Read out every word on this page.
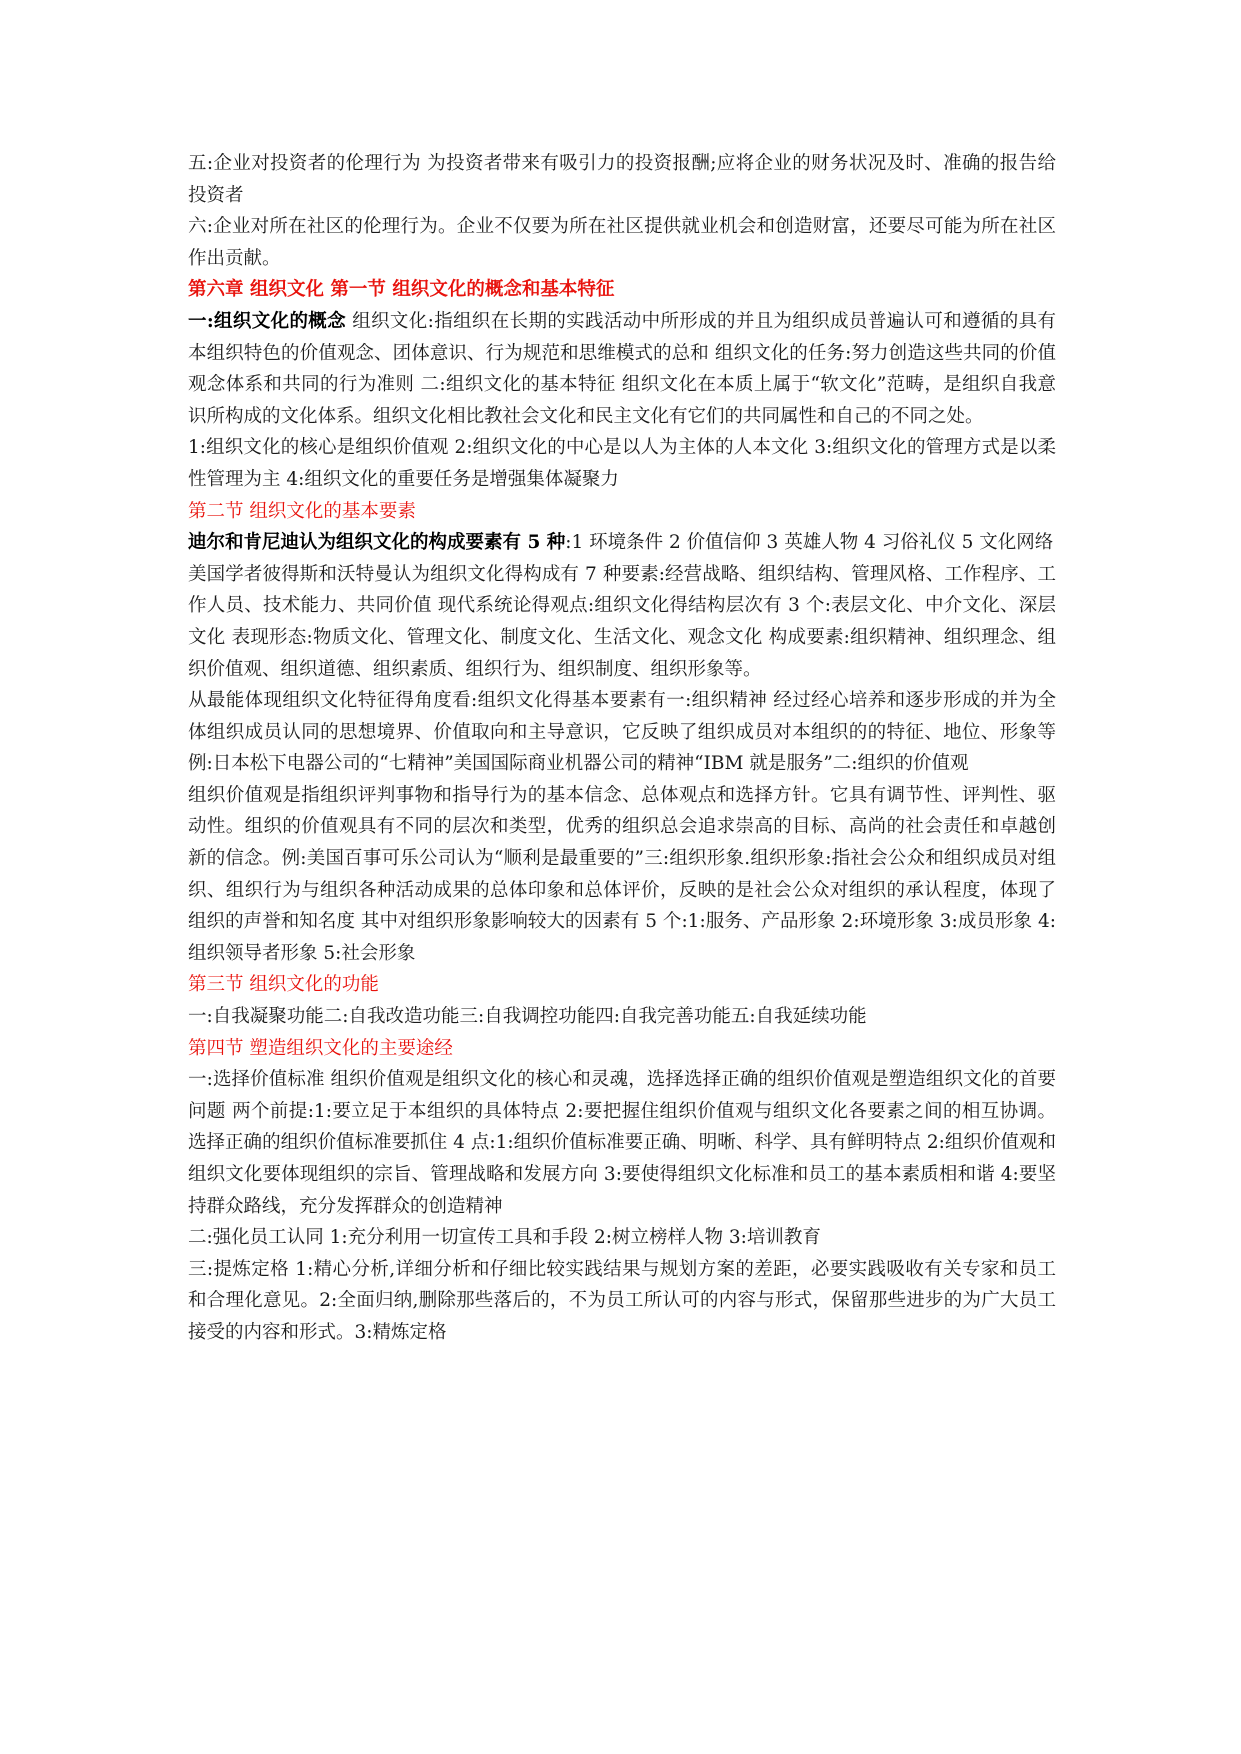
五:企业对投资者的伦理行为 为投资者带来有吸引力的投资报酬;应将企业的财务状况及时、准确的报告给投资者

六:企业对所在社区的伦理行为。企业不仅要为所在社区提供就业机会和创造财富，还要尽可能为所在社区作出贡献。

第六章 组织文化 第一节 组织文化的概念和基本特征

一:组织文化的概念 组织文化:指组织在长期的实践活动中所形成的并且为组织成员普遍认可和遵循的具有本组织特色的价值观念、团体意识、行为规范和思维模式的总和 组织文化的任务:努力创造这些共同的价值观念体系和共同的行为准则 二:组织文化的基本特征 组织文化在本质上属于“软文化”范畴，是组织自我意识所构成的文化体系。组织文化相比教社会文化和民主文化有它们的共同属性和自己的不同之处。

1:组织文化的核心是组织价值观 2:组织文化的中心是以人为主体的人本文化 3:组织文化的管理方式是以柔性管理为主 4:组织文化的重要任务是增强集体凝聚力

第二节 组织文化的基本要素

迪尔和肯尼迪认为组织文化的构成要素有 5 种:1 环境条件 2 价值信仰 3 英雄人物 4 习俗礼仪 5 文化网络

美国学者彼得斯和沃特曼认为组织文化得构成有 7 种要素:经营战略、组织结构、管理风格、工作程序、工作人员、技术能力、共同价值 现代系统论得观点:组织文化得结构层次有 3 个:表层文化、中介文化、深层文化 表现形态:物质文化、管理文化、制度文化、生活文化、观念文化 构成要素:组织精神、组织理念、组织价值观、组织道德、组织素质、组织行为、组织制度、组织形象等。

从最能体现组织文化特征得角度看:组织文化得基本要素有一:组织精神 经过经心培养和逐步形成的并为全体组织成员认同的思想境界、价值取向和主导意识，它反映了组织成员对本组织的的特征、地位、形象等 例:日本松下电器公司的“七精神”美国国际商业机器公司的精神“IBM 就是服务”二:组织的价值观

组织价值观是指组织评判事物和指导行为的基本信念、总体观点和选择方针。它具有调节性、评判性、驱动性。组织的价值观具有不同的层次和类型，优秀的组织总会追求崇高的目标、高尚的社会责任和卓越创新的信念。例:美国百事可乐公司认为“顺利是最重要的”三:组织形象.组织形象:指社会公众和组织成员对组织、组织行为与组织各种活动成果的总体印象和总体评价，反映的是社会公众对组织的承认程度，体现了组织的声誉和知名度 其中对组织形象影响较大的因素有 5 个:1:服务、产品形象 2:环境形象 3:成员形象 4:组织领导者形象 5:社会形象

第三节 组织文化的功能

一:自我凝聚功能二:自我改造功能三:自我调控功能四:自我完善功能五:自我延续功能

第四节 塑造组织文化的主要途经

一:选择价值标准 组织价值观是组织文化的核心和灵魂，选择选择正确的组织价值观是塑造组织文化的首要问题 两个前提:1:要立足于本组织的具体特点 2:要把握住组织价值观与组织文化各要素之间的相互协调。 选择正确的组织价值标准要抓住 4 点:1:组织价值标准要正确、明晰、科学、具有鲜明特点 2:组织价值观和组织文化要体现组织的宗旨、管理战略和发展方向 3:要使得组织文化标准和员工的基本素质相和谐 4:要坚持群众路线，充分发挥群众的创造精神

二:强化员工认同 1:充分利用一切宣传工具和手段 2:树立榜样人物 3:培训教育

三:提炼定格 1:精心分析,详细分析和仔细比较实践结果与规划方案的差距，必要实践吸收有关专家和员工和合理化意见。2:全面归纳,删除那些落后的，不为员工所认可的内容与形式，保留那些进步的为广大员工接受的内容和形式。3:精炼定格
